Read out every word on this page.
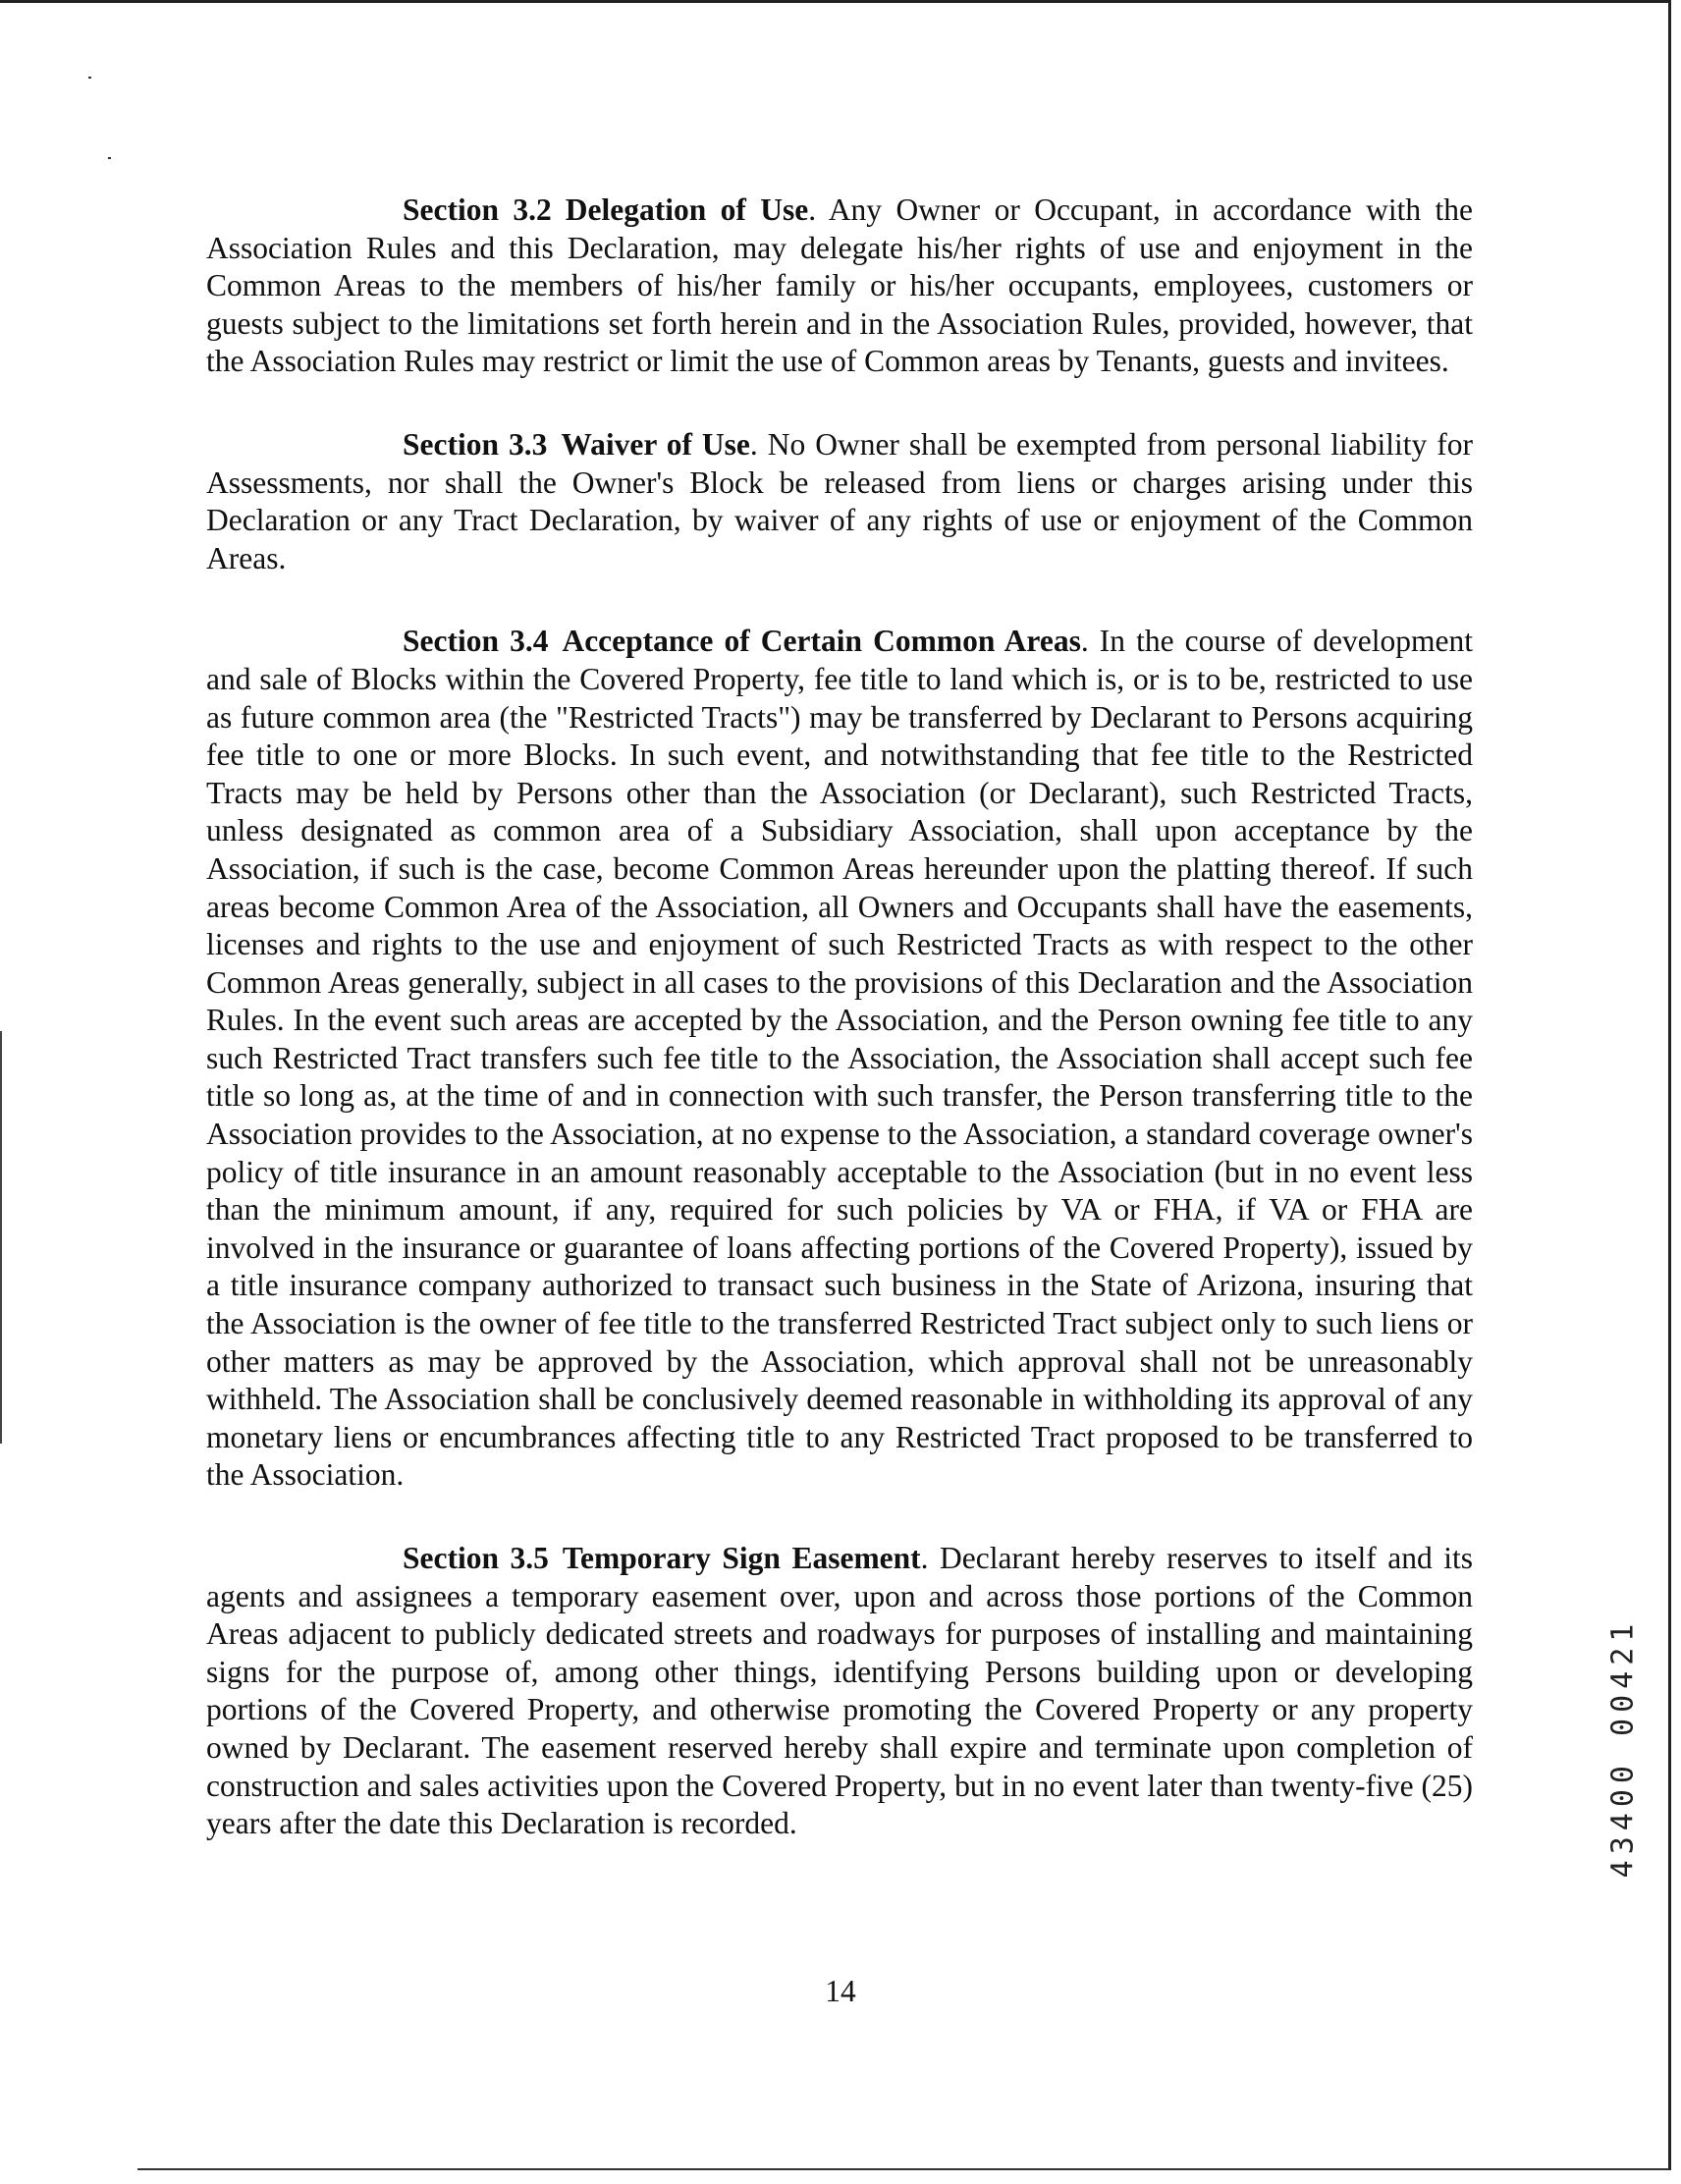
Section 3.2 Delegation of Use. Any Owner or Occupant, in accordance with the Association Rules and this Declaration, may delegate his/her rights of use and enjoyment in the Common Areas to the members of his/her family or his/her occupants, employees, customers or guests subject to the limitations set forth herein and in the Association Rules, provided, however, that the Association Rules may restrict or limit the use of Common areas by Tenants, guests and invitees.

Section 3.3 Waiver of Use. No Owner shall be exempted from personal liability for Assessments, nor shall the Owner's Block be released from liens or charges arising under this Declaration or any Tract Declaration, by waiver of any rights of use or enjoyment of the Common Areas.

Section 3.4 Acceptance of Certain Common Areas. In the course of development and sale of Blocks within the Covered Property, fee title to land which is, or is to be, restricted to use as future common area (the "Restricted Tracts") may be transferred by Declarant to Persons acquiring fee title to one or more Blocks. In such event, and notwithstanding that fee title to the Restricted Tracts may be held by Persons other than the Association (or Declarant), such Restricted Tracts, unless designated as common area of a Subsidiary Association, shall upon acceptance by the Association, if such is the case, become Common Areas hereunder upon the platting thereof. If such areas become Common Area of the Association, all Owners and Occupants shall have the easements, licenses and rights to the use and enjoyment of such Restricted Tracts as with respect to the other Common Areas generally, subject in all cases to the provisions of this Declaration and the Association Rules. In the event such areas are accepted by the Association, and the Person owning fee title to any such Restricted Tract transfers such fee title to the Association, the Association shall accept such fee title so long as, at the time of and in connection with such transfer, the Person transferring title to the Association provides to the Association, at no expense to the Association, a standard coverage owner's policy of title insurance in an amount reasonably acceptable to the Association (but in no event less than the minimum amount, if any, required for such policies by VA or FHA, if VA or FHA are involved in the insurance or guarantee of loans affecting portions of the Covered Property), issued by a title insurance company authorized to transact such business in the State of Arizona, insuring that the Association is the owner of fee title to the transferred Restricted Tract subject only to such liens or other matters as may be approved by the Association, which approval shall not be unreasonably withheld. The Association shall be conclusively deemed reasonable in withholding its approval of any monetary liens or encumbrances affecting title to any Restricted Tract proposed to be transferred to the Association.

Section 3.5 Temporary Sign Easement. Declarant hereby reserves to itself and its agents and assignees a temporary easement over, upon and across those portions of the Common Areas adjacent to publicly dedicated streets and roadways for purposes of installing and maintaining signs for the purpose of, among other things, identifying Persons building upon or developing portions of the Covered Property, and otherwise promoting the Covered Property or any property owned by Declarant. The easement reserved hereby shall expire and terminate upon completion of construction and sales activities upon the Covered Property, but in no event later than twenty-five (25) years after the date this Declaration is recorded.

14
43400 00421
